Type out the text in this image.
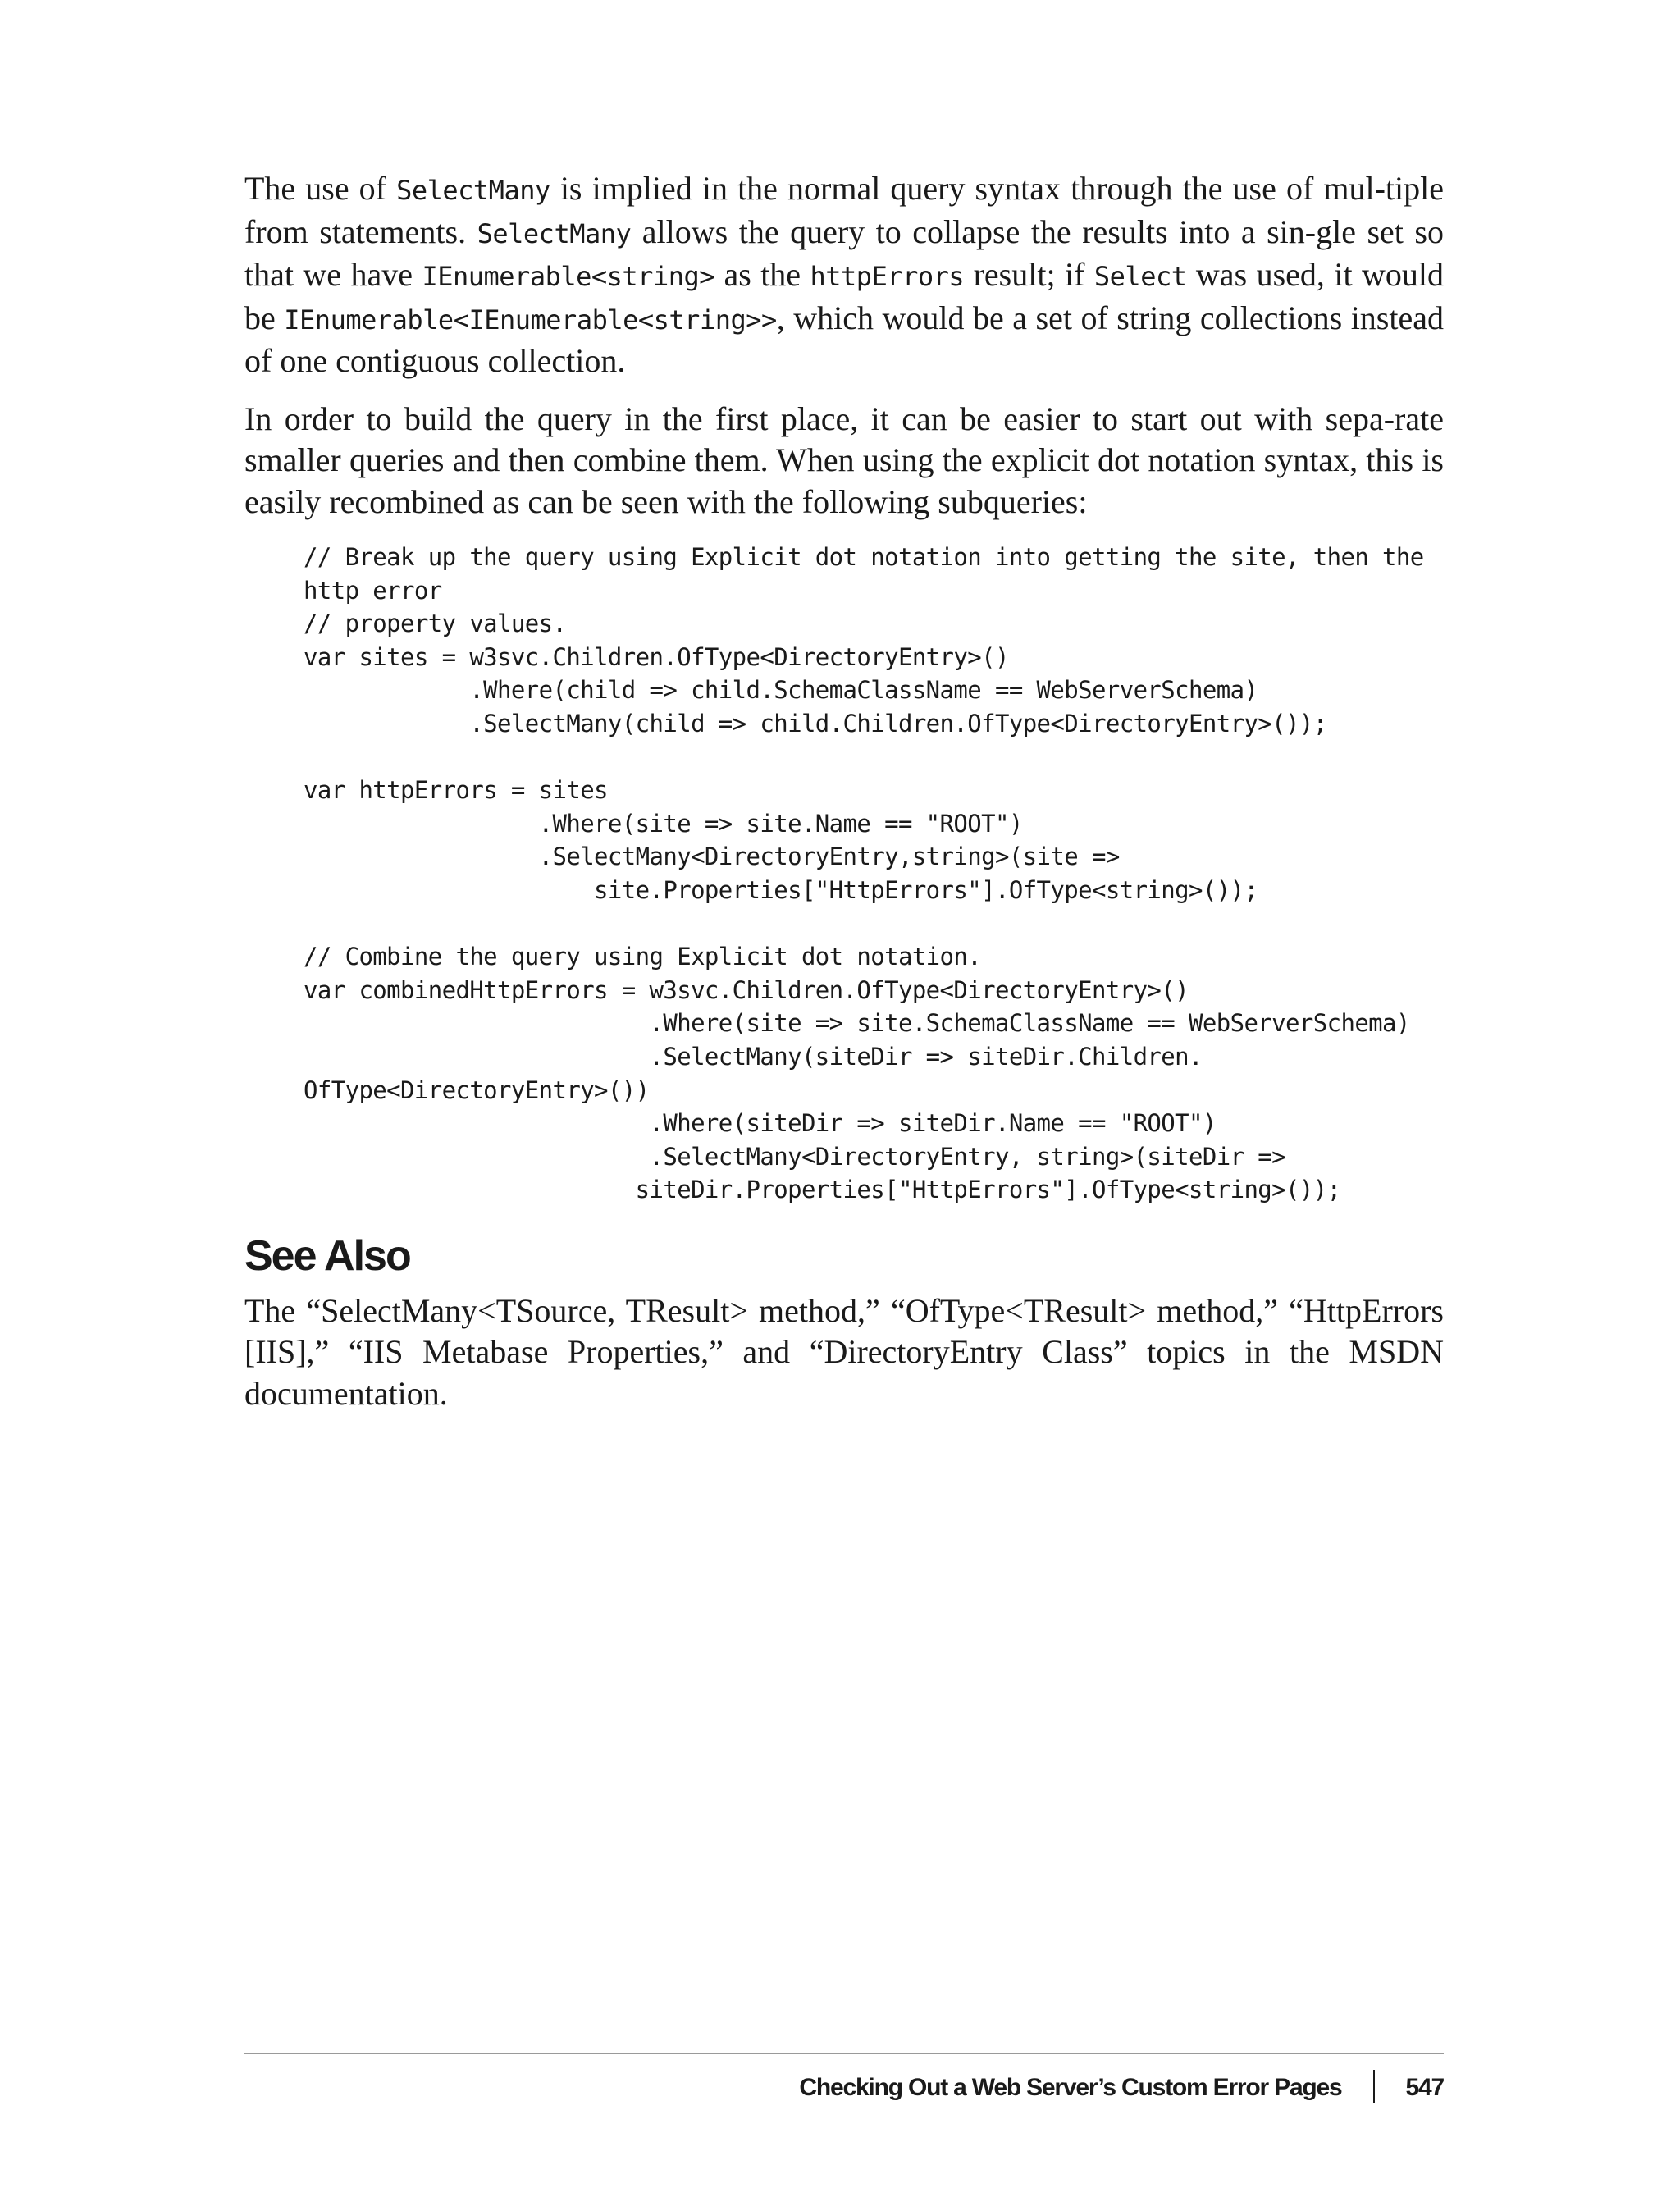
The use of SelectMany is implied in the normal query syntax through the use of mul-tiple from statements. SelectMany allows the query to collapse the results into a sin-gle set so that we have IEnumerable<string> as the httpErrors result; if Select was used, it would be IEnumerable<IEnumerable<string>>, which would be a set of string collections instead of one contiguous collection.

In order to build the query in the first place, it can be easier to start out with sepa-rate smaller queries and then combine them. When using the explicit dot notation syntax, this is easily recombined as can be seen with the following subqueries:

// Break up the query using Explicit dot notation into getting the site, then the
http error
// property values.
var sites = w3svc.Children.OfType<DirectoryEntry>()
.Where(child => child.SchemaClassName == WebServerSchema)
.SelectMany(child => child.Children.OfType<DirectoryEntry>());
var httpErrors = sites
.Where(site => site.Name == "ROOT")
.SelectMany<DirectoryEntry,string>(site =>
site.Properties["HttpErrors"].OfType<string>());
// Combine the query using Explicit dot notation.
var combinedHttpErrors = w3svc.Children.OfType<DirectoryEntry>()
.Where(site => site.SchemaClassName == WebServerSchema)
.SelectMany(siteDir => siteDir.Children.
OfType<DirectoryEntry>())
.Where(siteDir => siteDir.Name == "ROOT")
.SelectMany<DirectoryEntry, string>(siteDir =>
siteDir.Properties["HttpErrors"].OfType<string>());
See Also

The “SelectMany<TSource, TResult> method,” “OfType<TResult> method,” “HttpErrors [IIS],” “IIS Metabase Properties,” and “DirectoryEntry Class” topics in the MSDN documentation.

Checking Out a Web Server’s Custom Error Pages	547
